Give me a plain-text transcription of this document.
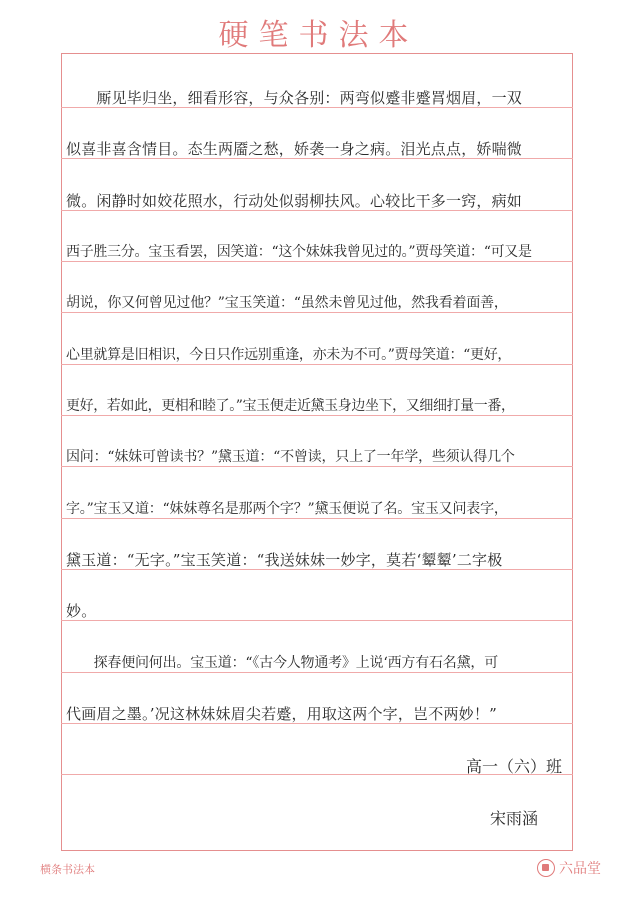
硬笔书法本
　　厮见毕归坐，细看形容，与众各别：两弯似蹙非蹙罥烟眉，一双
似喜非喜含情目。态生两靥之愁，娇袭一身之病。泪光点点，娇喘微
微。闲静时如姣花照水，行动处似弱柳扶风。心较比干多一窍，病如
西子胜三分。宝玉看罢，因笑道：“这个妹妹我曾见过的。”贾母笑道：“可又是
胡说，你又何曾见过他？”宝玉笑道：“虽然未曾见过他，然我看着面善，
心里就算是旧相识，今日只作远别重逢，亦未为不可。”贾母笑道：“更好，
更好，若如此，更相和睦了。”宝玉便走近黛玉身边坐下，又细细打量一番，
因问：“妹妹可曾读书？”黛玉道：“不曾读，只上了一年学，些须认得几个
字。”宝玉又道：“妹妹尊名是那两个字？”黛玉便说了名。宝玉又问表字，
黛玉道：“无字。”宝玉笑道：“我送妹妹一妙字，莫若‘颦颦’二字极
妙。
　　探春便问何出。宝玉道：“《古今人物通考》上说‘西方有石名黛，可
代画眉之墨。’况这林妹妹眉尖若蹙，用取这两个字，岂不两妙！”
高一（六）班
宋雨涵
横条书法本	六品堂
